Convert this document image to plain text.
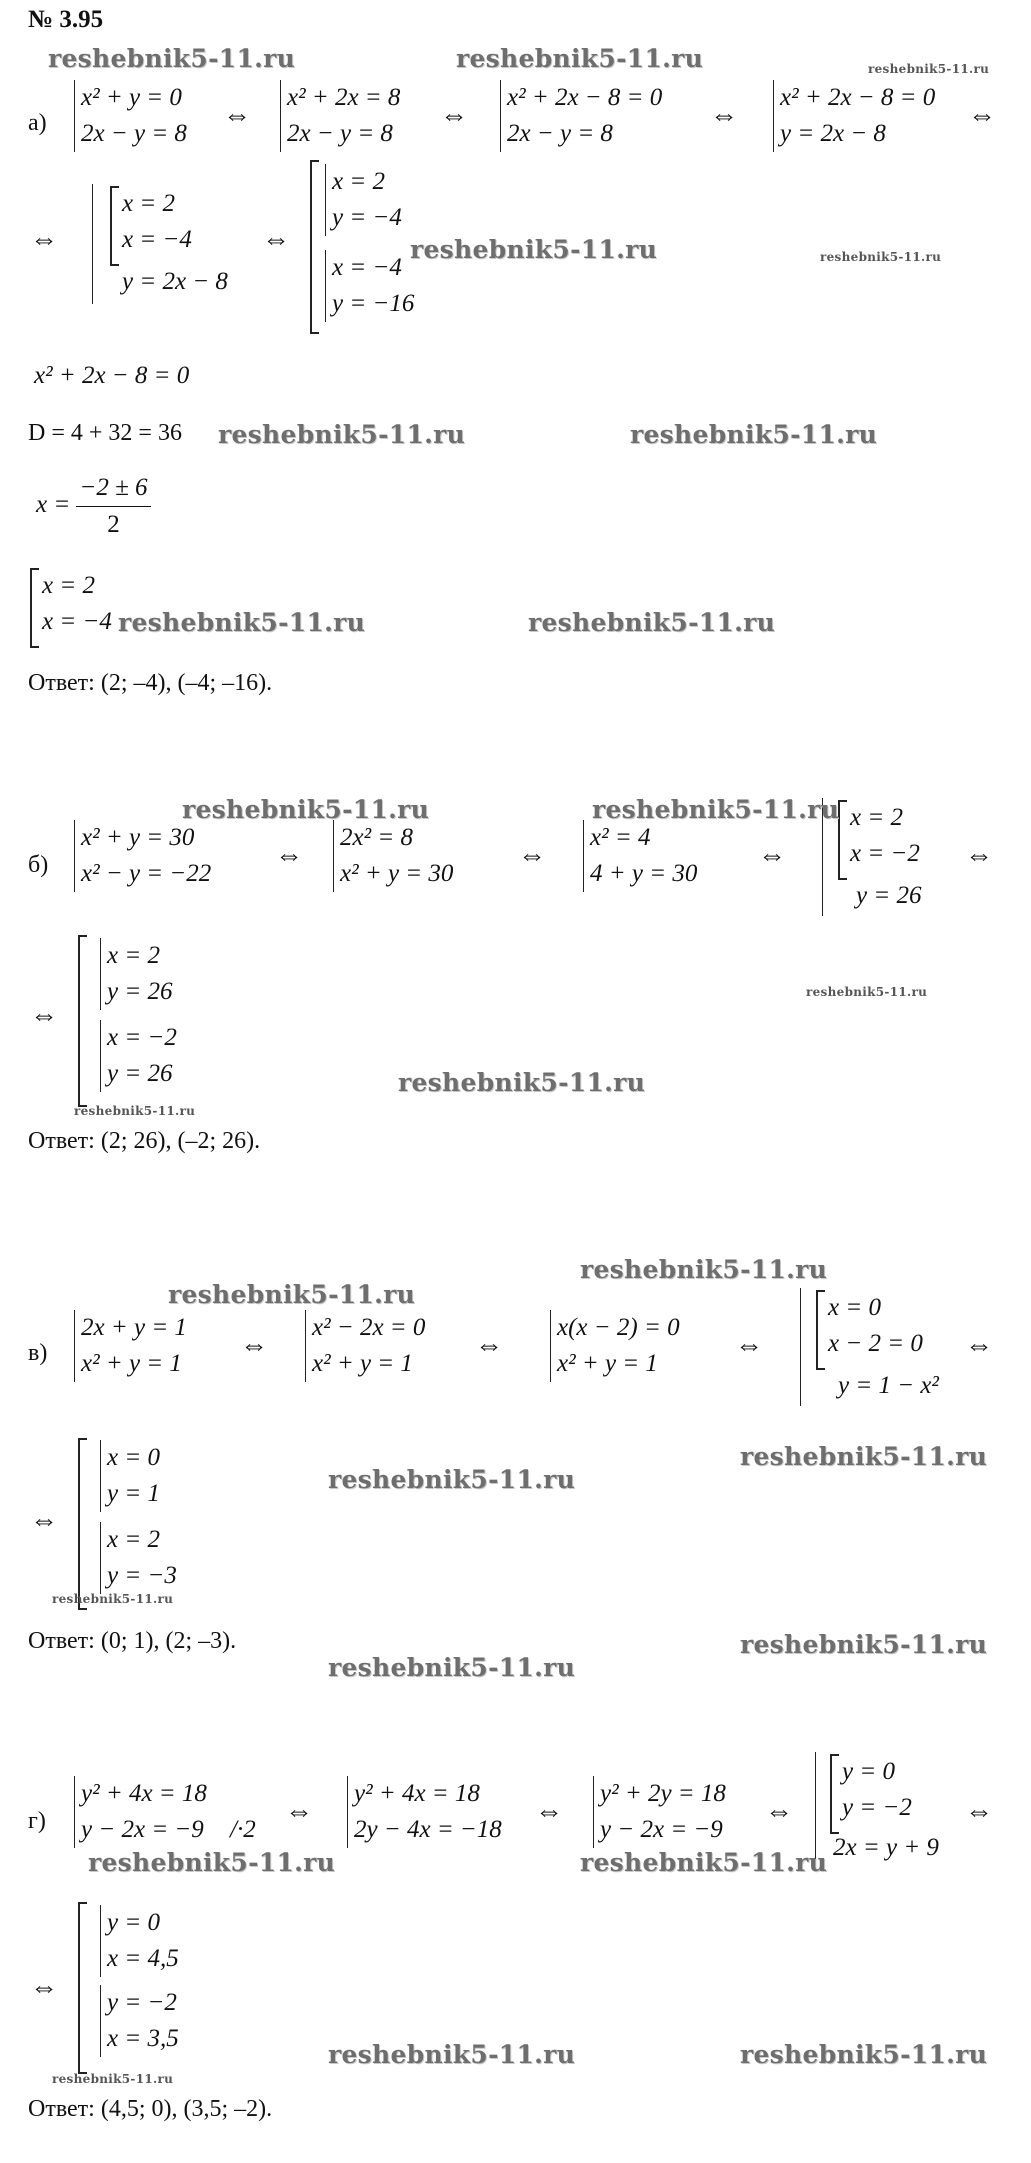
№ 3.95
а)
x² + y = 0
2x − y = 8
⇔
x² + 2x = 8
2x − y = 8
⇔
x² + 2x − 8 = 0
2x − y = 8
⇔
x² + 2x − 8 = 0
y = 2x − 8
⇔
⇔
x = 2
x = −4
y = 2x − 8
⇔
x = 2
y = −4
x = −4
y = −16
x² + 2x − 8 = 0
D = 4 + 32 = 36
$x = \frac{-2 \pm 6}{2}$
x = 2
x = −4
Ответ: (2; –4), (–4; –16).
б)
x² + y = 30
x² − y = −22
⇔
2x² = 8
x² + y = 30
⇔
x² = 4
4 + y = 30
⇔
x = 2
x = −2
y = 26
⇔
⇔
x = 2
y = 26
x = −2
y = 26
Ответ: (2; 26), (–2; 26).
в)
2x + y = 1
x² + y = 1
⇔
x² − 2x = 0
x² + y = 1
⇔
x(x − 2) = 0
x² + y = 1
⇔
x = 0
x − 2 = 0
y = 1 − x²
⇔
⇔
x = 0
y = 1
x = 2
y = −3
Ответ: (0; 1), (2; –3).
г)
y² + 4x = 18
y − 2x = −9 /·2
⇔
y² + 4x = 18
2y − 4x = −18
⇔
y² + 2y = 18
y − 2x = −9
⇔
y = 0
y = −2
2x = y + 9
⇔
⇔
y = 0
x = 4,5
y = −2
x = 3,5
Ответ: (4,5; 0), (3,5; –2).
reshebnik5-11.ru	reshebnik5-11.ru	reshebnik5-11.ru
reshebnik5-11.ru	reshebnik5-11.ru
reshebnik5-11.ru	reshebnik5-11.ru
reshebnik5-11.ru	reshebnik5-11.ru
reshebnik5-11.ru	reshebnik5-11.ru
reshebnik5-11.ru
reshebnik5-11.ru
reshebnik5-11.ru
reshebnik5-11.ru
reshebnik5-11.ru
reshebnik5-11.ru
reshebnik5-11.ru
reshebnik5-11.ru
reshebnik5-11.ru
reshebnik5-11.ru
reshebnik5-11.ru	reshebnik5-11.ru
reshebnik5-11.ru
reshebnik5-11.ru	reshebnik5-11.ru
